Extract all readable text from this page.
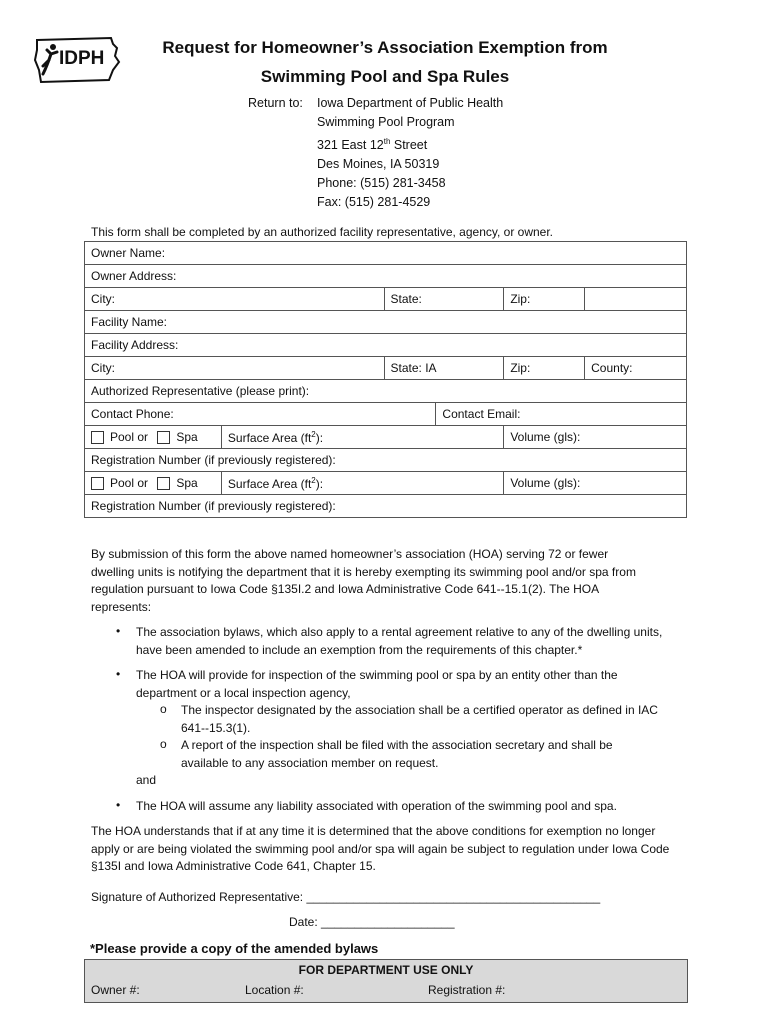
IDPH
Request for Homeowner’s Association Exemption from
Swimming Pool and Spa Rules
Return to: Iowa Department of Public Health
Swimming Pool Program
321 East 12th Street
Des Moines, IA 50319
Phone: (515) 281-3458
Fax: (515) 281-4529
This form shall be completed by an authorized facility representative, agency, or owner.
Owner Name:					
Owner Address:					
City:		State:		Zip:	
Facility Name:					
Facility Address:					
City:		State: IA		Zip:	County:
Authorized Representative (please print):					
Contact Phone:			Contact Email:		
Pool or Spa	Surface Area $(ft^2)$:			Volume (gls):	
Registration Number (if previously registered):					
Pool or Spa	Surface Area $(ft^2)$:			Volume (gls):	
Registration Number (if previously registered):					
By submission of this form the above named homeowner’s association (HOA) serving 72 or fewer dwelling units is notifying the department that it is hereby exempting its swimming pool and/or spa from regulation pursuant to Iowa Code §135I.2 and Iowa Administrative Code 641--15.1(2). The HOA represents:
• The association bylaws, which also apply to a rental agreement relative to any of the dwelling units, have been amended to include an exemption from the requirements of this chapter.*
• The HOA will provide for inspection of the swimming pool or spa by an entity other than the department or a local inspection agency,
o The inspector designated by the association shall be a certified operator as defined in IAC 641--15.3(1).
o A report of the inspection shall be filed with the association secretary and shall be available to any association member on request.
and
• The HOA will assume any liability associated with operation of the swimming pool and spa.
The HOA understands that if at any time it is determined that the above conditions for exemption no longer apply or are being violated the swimming pool and/or spa will again be subject to regulation under Iowa Code §135I and Iowa Administrative Code 641, Chapter 15.
Signature of Authorized Representative: ____________________________________________
Date: ____________________
*Please provide a copy of the amended bylaws
FOR DEPARTMENT USE ONLY
Owner #:	Location #:	Registration #:
